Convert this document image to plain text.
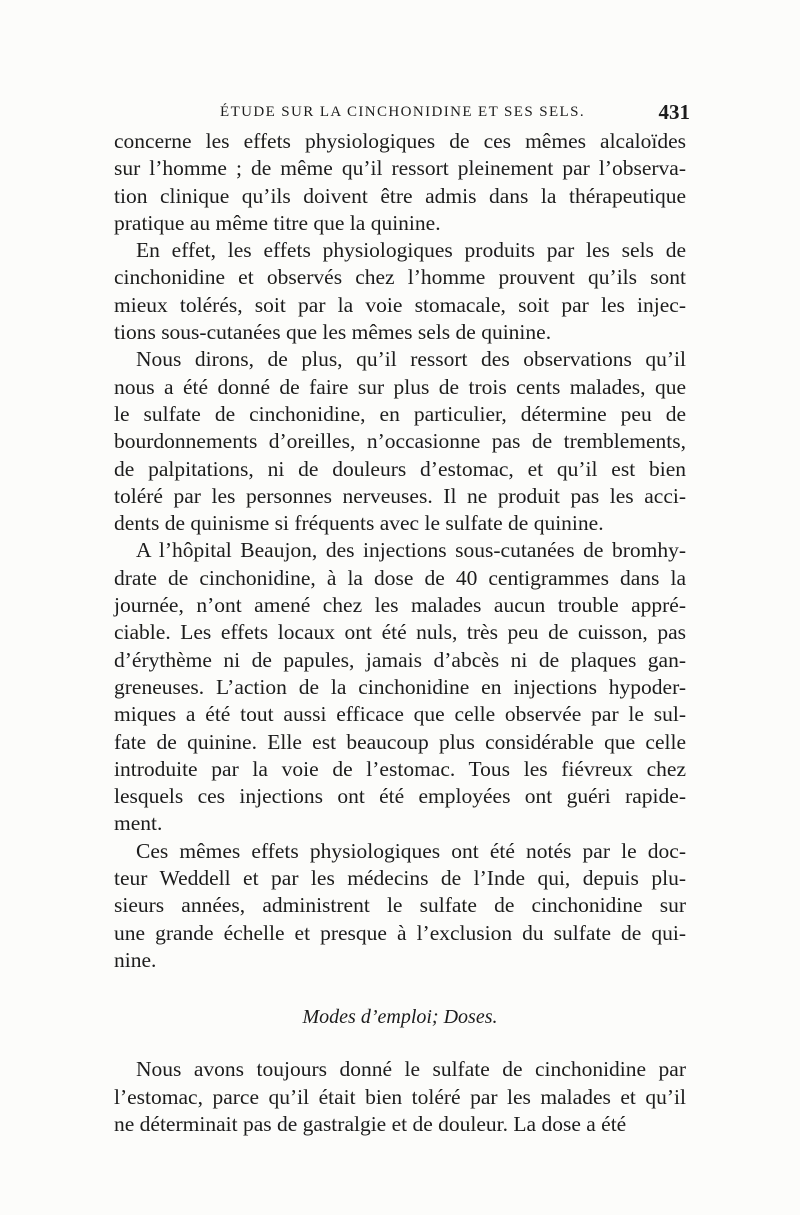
ÉTUDE SUR LA CINCHONIDINE ET SES SELS.	431
concerne les effets physiologiques de ces mêmes alcaloïdes
sur l’homme ; de même qu’il ressort pleinement par l’observa-
tion clinique qu’ils doivent être admis dans la thérapeutique
pratique au même titre que la quinine.
En effet, les effets physiologiques produits par les sels de
cinchonidine et observés chez l’homme prouvent qu’ils sont
mieux tolérés, soit par la voie stomacale, soit par les injec-
tions sous-cutanées que les mêmes sels de quinine.
Nous dirons, de plus, qu’il ressort des observations qu’il
nous a été donné de faire sur plus de trois cents malades, que
le sulfate de cinchonidine, en particulier, détermine peu de
bourdonnements d’oreilles, n’occasionne pas de tremblements,
de palpitations, ni de douleurs d’estomac, et qu’il est bien
toléré par les personnes nerveuses. Il ne produit pas les acci-
dents de quinisme si fréquents avec le sulfate de quinine.
A l’hôpital Beaujon, des injections sous-cutanées de bromhy-
drate de cinchonidine, à la dose de 40 centigrammes dans la
journée, n’ont amené chez les malades aucun trouble appré-
ciable. Les effets locaux ont été nuls, très peu de cuisson, pas
d’érythème ni de papules, jamais d’abcès ni de plaques gan-
greneuses. L’action de la cinchonidine en injections hypoder-
miques a été tout aussi efficace que celle observée par le sul-
fate de quinine. Elle est beaucoup plus considérable que celle
introduite par la voie de l’estomac. Tous les fiévreux chez
lesquels ces injections ont été employées ont guéri rapide-
ment.
Ces mêmes effets physiologiques ont été notés par le doc-
teur Weddell et par les médecins de l’Inde qui, depuis plu-
sieurs années, administrent le sulfate de cinchonidine sur
une grande échelle et presque à l’exclusion du sulfate de qui-
nine.
Modes d’emploi; Doses.
Nous avons toujours donné le sulfate de cinchonidine par
l’estomac, parce qu’il était bien toléré par les malades et qu’il
ne déterminait pas de gastralgie et de douleur. La dose a été
